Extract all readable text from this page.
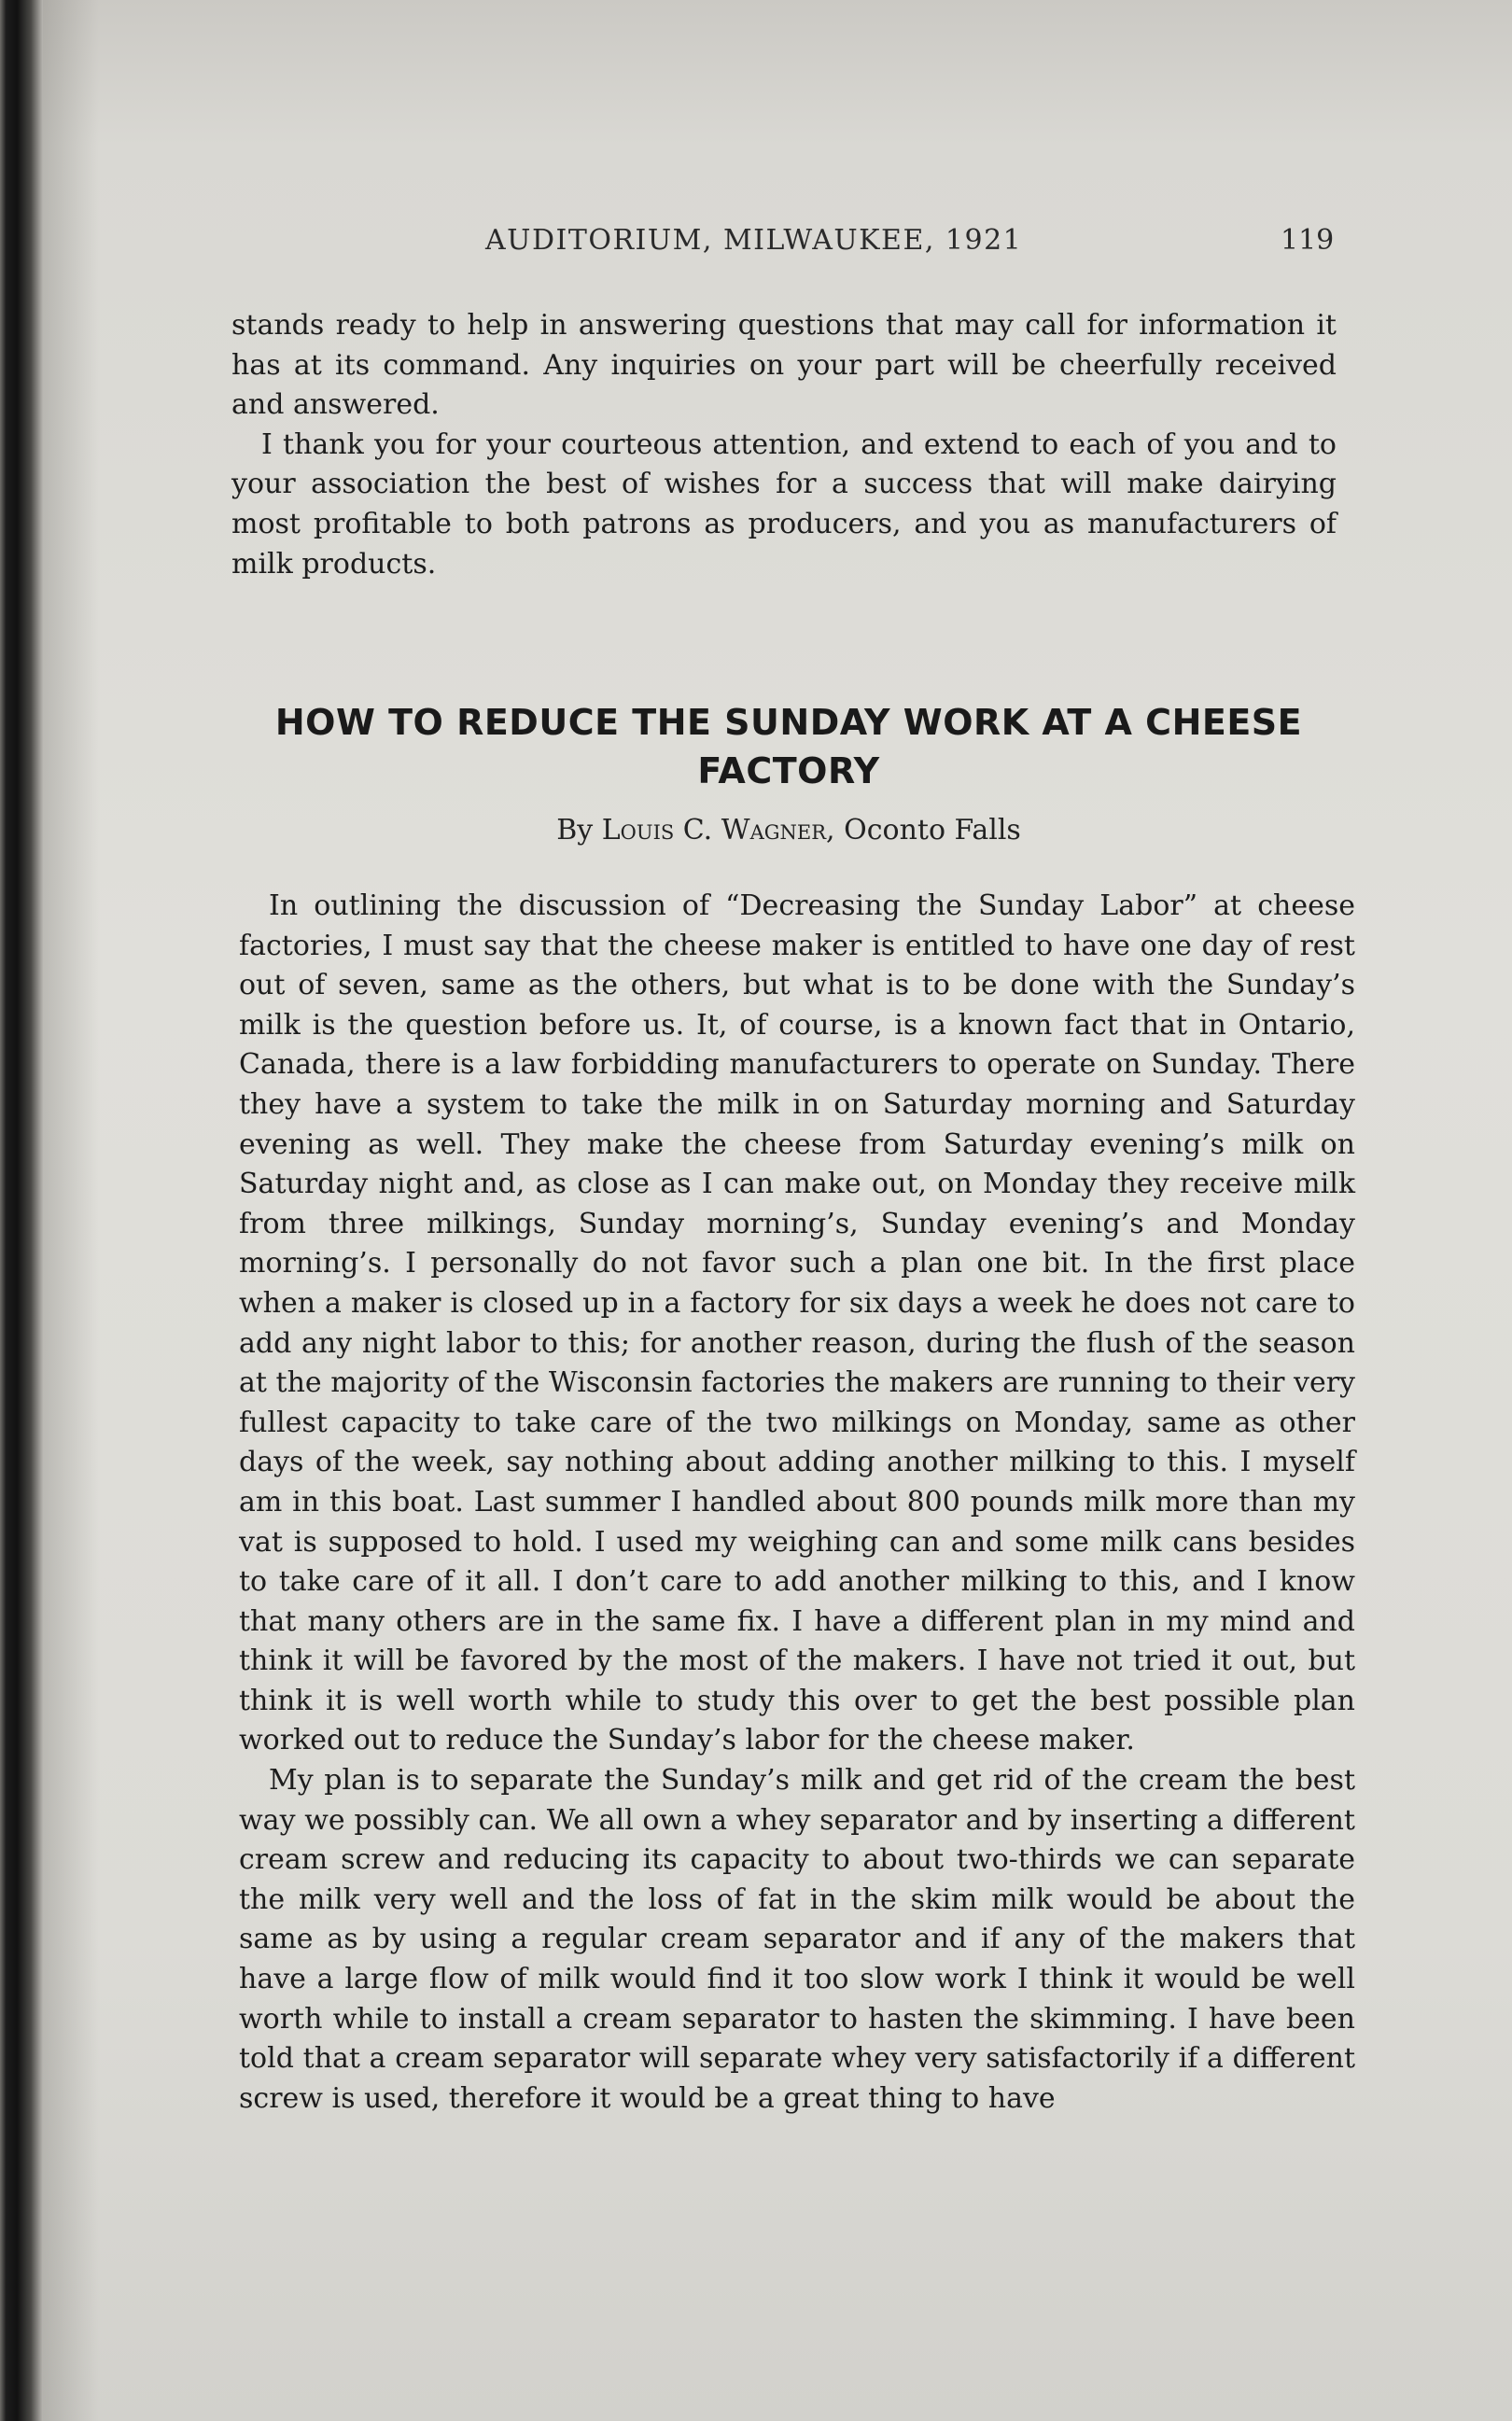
AUDITORIUM, MILWAUKEE, 1921	119

stands ready to help in answering questions that may call for information it has at its command. Any inquiries on your part will be cheerfully received and answered.

I thank you for your courteous attention, and extend to each of you and to your association the best of wishes for a success that will make dairying most profitable to both patrons as producers, and you as manufacturers of milk products.

HOW TO REDUCE THE SUNDAY WORK AT A CHEESE FACTORY
By Louis C. Wagner, Oconto Falls

In outlining the discussion of “Decreasing the Sunday Labor” at cheese factories, I must say that the cheese maker is entitled to have one day of rest out of seven, same as the others, but what is to be done with the Sunday’s milk is the question before us. It, of course, is a known fact that in Ontario, Canada, there is a law forbidding manufacturers to operate on Sunday. There they have a system to take the milk in on Saturday morning and Saturday evening as well. They make the cheese from Saturday evening’s milk on Saturday night and, as close as I can make out, on Monday they receive milk from three milkings, Sunday morning’s, Sunday evening’s and Monday morning’s. I personally do not favor such a plan one bit. In the first place when a maker is closed up in a factory for six days a week he does not care to add any night labor to this; for another reason, during the flush of the season at the majority of the Wisconsin factories the makers are running to their very fullest capacity to take care of the two milkings on Monday, same as other days of the week, say nothing about adding another milking to this. I myself am in this boat. Last summer I handled about 800 pounds milk more than my vat is supposed to hold. I used my weighing can and some milk cans besides to take care of it all. I don’t care to add another milking to this, and I know that many others are in the same fix. I have a different plan in my mind and think it will be favored by the most of the makers. I have not tried it out, but think it is well worth while to study this over to get the best possible plan worked out to reduce the Sunday’s labor for the cheese maker.

My plan is to separate the Sunday’s milk and get rid of the cream the best way we possibly can. We all own a whey separator and by inserting a different cream screw and reducing its capacity to about two-thirds we can separate the milk very well and the loss of fat in the skim milk would be about the same as by using a regular cream separator and if any of the makers that have a large flow of milk would find it too slow work I think it would be well worth while to install a cream separator to hasten the skimming. I have been told that a cream separator will separate whey very satisfactorily if a different screw is used, therefore it would be a great thing to have
